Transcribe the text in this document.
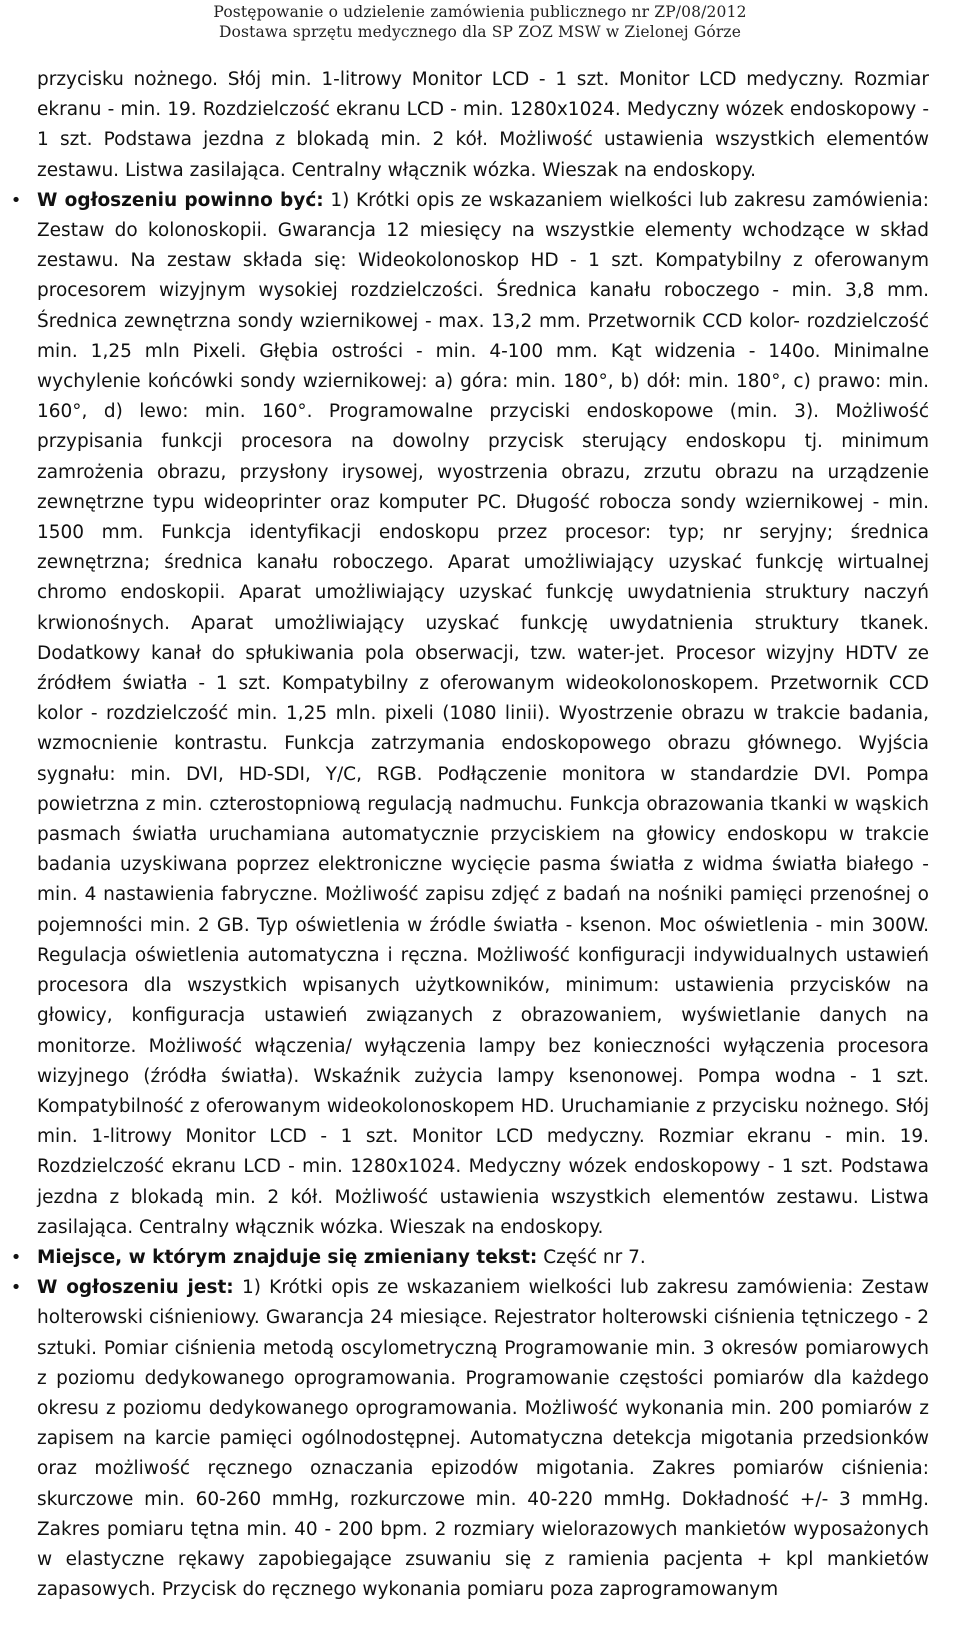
Postępowanie o udzielenie zamówienia publicznego nr ZP/08/2012
Dostawa sprzętu medycznego dla SP ZOZ MSW w Zielonej Górze

przycisku nożnego. Słój min. 1-litrowy Monitor LCD - 1 szt. Monitor LCD medyczny. Rozmiar ekranu - min. 19. Rozdzielczość ekranu LCD - min. 1280x1024. Medyczny wózek endoskopowy - 1 szt. Podstawa jezdna z blokadą min. 2 kół. Możliwość ustawienia wszystkich elementów zestawu. Listwa zasilająca. Centralny włącznik wózka. Wieszak na endoskopy.

• W ogłoszeniu powinno być: 1) Krótki opis ze wskazaniem wielkości lub zakresu zamówienia: Zestaw do kolonoskopii. Gwarancja 12 miesięcy na wszystkie elementy wchodzące w skład zestawu. Na zestaw składa się: Wideokolonoskop HD - 1 szt. Kompatybilny z oferowanym procesorem wizyjnym wysokiej rozdzielczości. Średnica kanału roboczego - min. 3,8 mm. Średnica zewnętrzna sondy wziernikowej - max. 13,2 mm. Przetwornik CCD kolor- rozdzielczość min. 1,25 mln Pixeli. Głębia ostrości - min. 4-100 mm. Kąt widzenia - 140o. Minimalne wychylenie końcówki sondy wziernikowej: a) góra: min. 180°, b) dół: min. 180°, c) prawo: min. 160°, d) lewo: min. 160°. Programowalne przyciski endoskopowe (min. 3). Możliwość przypisania funkcji procesora na dowolny przycisk sterujący endoskopu tj. minimum zamrożenia obrazu, przysłony irysowej, wyostrzenia obrazu, zrzutu obrazu na urządzenie zewnętrzne typu wideoprinter oraz komputer PC. Długość robocza sondy wziernikowej - min. 1500 mm. Funkcja identyfikacji endoskopu przez procesor: typ; nr seryjny; średnica zewnętrzna; średnica kanału roboczego. Aparat umożliwiający uzyskać funkcję wirtualnej chromo endoskopii. Aparat umożliwiający uzyskać funkcję uwydatnienia struktury naczyń krwionośnych. Aparat umożliwiający uzyskać funkcję uwydatnienia struktury tkanek. Dodatkowy kanał do spłukiwania pola obserwacji, tzw. water-jet. Procesor wizyjny HDTV ze źródłem światła - 1 szt. Kompatybilny z oferowanym wideokolonoskopem. Przetwornik CCD kolor - rozdzielczość min. 1,25 mln. pixeli (1080 linii). Wyostrzenie obrazu w trakcie badania, wzmocnienie kontrastu. Funkcja zatrzymania endoskopowego obrazu głównego. Wyjścia sygnału: min. DVI, HD-SDI, Y/C, RGB. Podłączenie monitora w standardzie DVI. Pompa powietrzna z min. czterostopniową regulacją nadmuchu. Funkcja obrazowania tkanki w wąskich pasmach światła uruchamiana automatycznie przyciskiem na głowicy endoskopu w trakcie badania uzyskiwana poprzez elektroniczne wycięcie pasma światła z widma światła białego - min. 4 nastawienia fabryczne. Możliwość zapisu zdjęć z badań na nośniki pamięci przenośnej o pojemności min. 2 GB. Typ oświetlenia w źródle światła - ksenon. Moc oświetlenia - min 300W. Regulacja oświetlenia automatyczna i ręczna. Możliwość konfiguracji indywidualnych ustawień procesora dla wszystkich wpisanych użytkowników, minimum: ustawienia przycisków na głowicy, konfiguracja ustawień związanych z obrazowaniem, wyświetlanie danych na monitorze. Możliwość włączenia/ wyłączenia lampy bez konieczności wyłączenia procesora wizyjnego (źródła światła). Wskaźnik zużycia lampy ksenonowej. Pompa wodna - 1 szt. Kompatybilność z oferowanym wideokolonoskopem HD. Uruchamianie z przycisku nożnego. Słój min. 1-litrowy Monitor LCD - 1 szt. Monitor LCD medyczny. Rozmiar ekranu - min. 19. Rozdzielczość ekranu LCD - min. 1280x1024. Medyczny wózek endoskopowy - 1 szt. Podstawa jezdna z blokadą min. 2 kół. Możliwość ustawienia wszystkich elementów zestawu. Listwa zasilająca. Centralny włącznik wózka. Wieszak na endoskopy.
• Miejsce, w którym znajduje się zmieniany tekst: Część nr 7.
• W ogłoszeniu jest: 1) Krótki opis ze wskazaniem wielkości lub zakresu zamówienia: Zestaw holterowski ciśnieniowy. Gwarancja 24 miesiące. Rejestrator holterowski ciśnienia tętniczego - 2 sztuki. Pomiar ciśnienia metodą oscylometryczną Programowanie min. 3 okresów pomiarowych z poziomu dedykowanego oprogramowania. Programowanie częstości pomiarów dla każdego okresu z poziomu dedykowanego oprogramowania. Możliwość wykonania min. 200 pomiarów z zapisem na karcie pamięci ogólnodostępnej. Automatyczna detekcja migotania przedsionków oraz możliwość ręcznego oznaczania epizodów migotania. Zakres pomiarów ciśnienia: skurczowe min. 60-260 mmHg, rozkurczowe min. 40-220 mmHg. Dokładność +/- 3 mmHg. Zakres pomiaru tętna min. 40 - 200 bpm. 2 rozmiary wielorazowych mankietów wyposażonych w elastyczne rękawy zapobiegające zsuwaniu się z ramienia pacjenta + kpl mankietów zapasowych. Przycisk do ręcznego wykonania pomiaru poza zaprogramowanym
